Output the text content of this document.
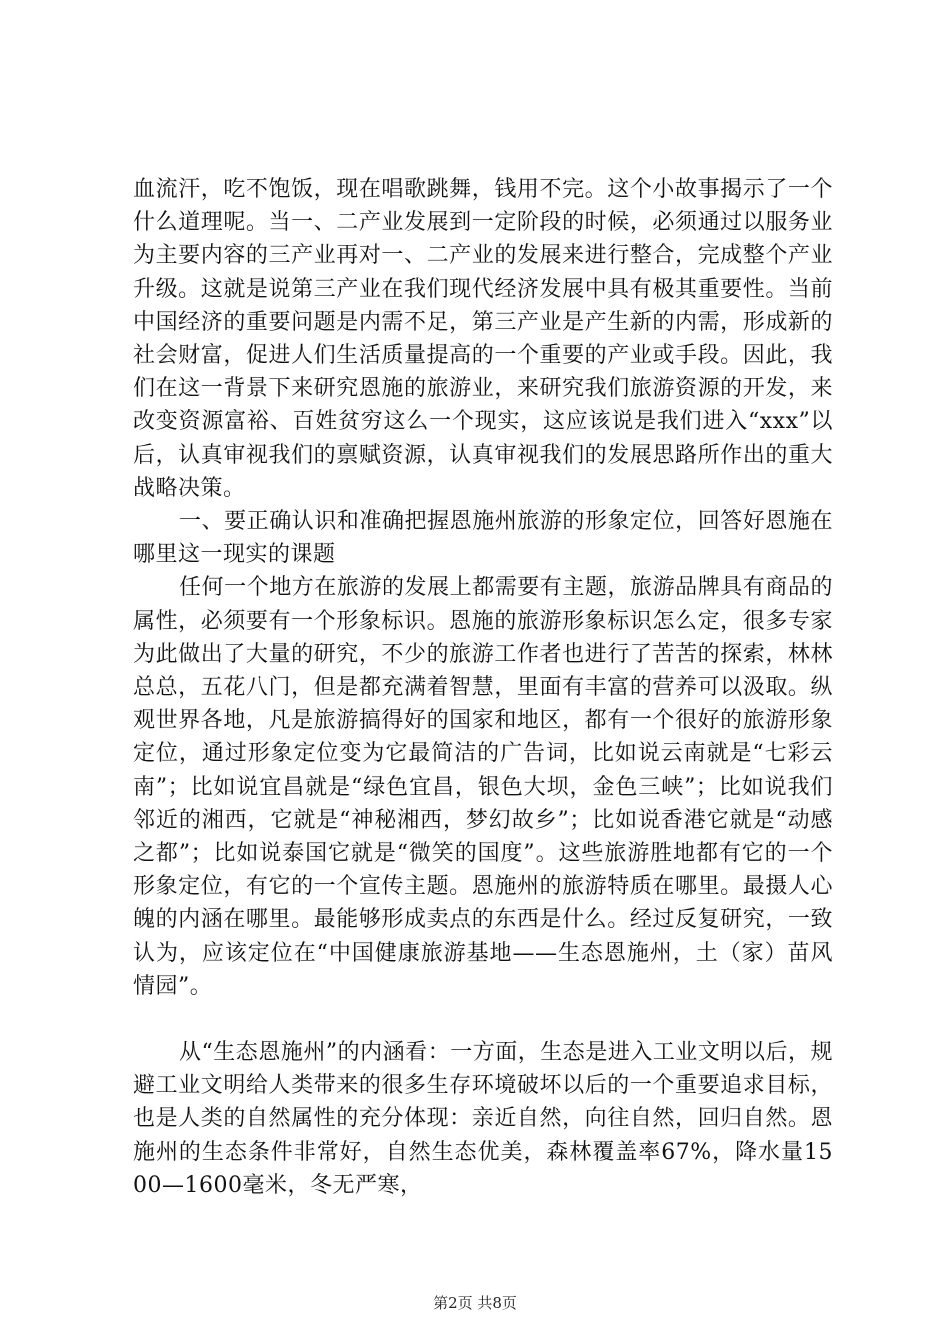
血流汗，吃不饱饭，现在唱歌跳舞，钱用不完。这个小故事揭示了一个什么道理呢。当一、二产业发展到一定阶段的时候，必须通过以服务业为主要内容的三产业再对一、二产业的发展来进行整合，完成整个产业升级。这就是说第三产业在我们现代经济发展中具有极其重要性。当前中国经济的重要问题是内需不足，第三产业是产生新的内需，形成新的社会财富，促进人们生活质量提高的一个重要的产业或手段。因此，我们在这一背景下来研究恩施的旅游业，来研究我们旅游资源的开发，来改变资源富裕、百姓贫穷这么一个现实，这应该说是我们进入“xxx”以后，认真审视我们的禀赋资源，认真审视我们的发展思路所作出的重大战略决策。

一、要正确认识和准确把握恩施州旅游的形象定位，回答好恩施在哪里这一现实的课题

任何一个地方在旅游的发展上都需要有主题，旅游品牌具有商品的属性，必须要有一个形象标识。恩施的旅游形象标识怎么定，很多专家为此做出了大量的研究，不少的旅游工作者也进行了苦苦的探索，林林总总，五花八门，但是都充满着智慧，里面有丰富的营养可以汲取。纵观世界各地，凡是旅游搞得好的国家和地区，都有一个很好的旅游形象定位，通过形象定位变为它最简洁的广告词，比如说云南就是“七彩云南”；比如说宜昌就是“绿色宜昌，银色大坝，金色三峡”；比如说我们邻近的湘西，它就是“神秘湘西，梦幻故乡”；比如说香港它就是“动感之都”；比如说泰国它就是“微笑的国度”。这些旅游胜地都有它的一个形象定位，有它的一个宣传主题。恩施州的旅游特质在哪里。最摄人心魄的内涵在哪里。最能够形成卖点的东西是什么。经过反复研究，一致认为，应该定位在“中国健康旅游基地——生态恩施州，土（家）苗风情园”。

从“生态恩施州”的内涵看：一方面，生态是进入工业文明以后，规避工业文明给人类带来的很多生存环境破坏以后的一个重要追求目标，也是人类的自然属性的充分体现：亲近自然，向往自然，回归自然。恩施州的生态条件非常好，自然生态优美，森林覆盖率67%，降水量1500—1600毫米，冬无严寒，

第2页 共8页
